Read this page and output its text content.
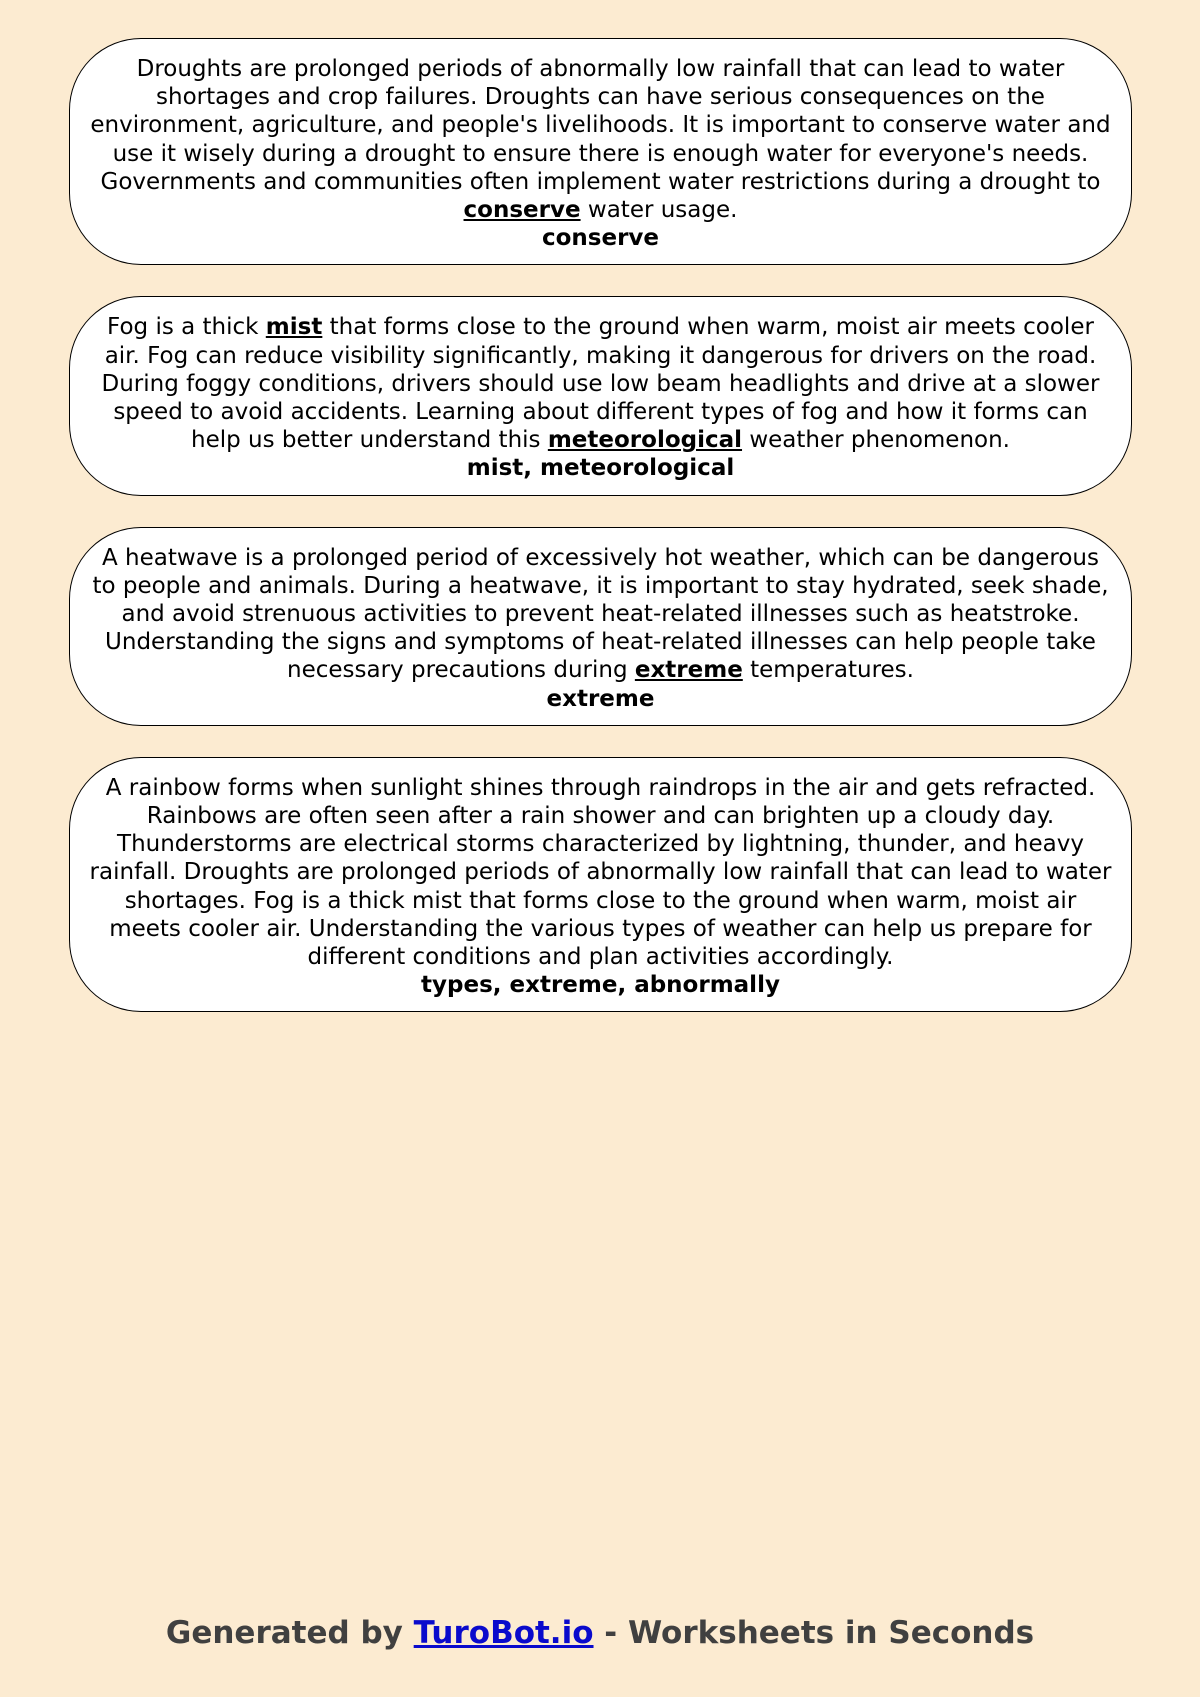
Droughts are prolonged periods of abnormally low rainfall that can lead to water shortages and crop failures. Droughts can have serious consequences on the environment, agriculture, and people's livelihoods. It is important to conserve water and use it wisely during a drought to ensure there is enough water for everyone's needs. Governments and communities often implement water restrictions during a drought to conserve water usage.
conserve
Fog is a thick mist that forms close to the ground when warm, moist air meets cooler air. Fog can reduce visibility significantly, making it dangerous for drivers on the road. During foggy conditions, drivers should use low beam headlights and drive at a slower speed to avoid accidents. Learning about different types of fog and how it forms can help us better understand this meteorological weather phenomenon.
mist, meteorological
A heatwave is a prolonged period of excessively hot weather, which can be dangerous to people and animals. During a heatwave, it is important to stay hydrated, seek shade, and avoid strenuous activities to prevent heat-related illnesses such as heatstroke. Understanding the signs and symptoms of heat-related illnesses can help people take necessary precautions during extreme temperatures.
extreme
A rainbow forms when sunlight shines through raindrops in the air and gets refracted. Rainbows are often seen after a rain shower and can brighten up a cloudy day. Thunderstorms are electrical storms characterized by lightning, thunder, and heavy rainfall. Droughts are prolonged periods of abnormally low rainfall that can lead to water shortages. Fog is a thick mist that forms close to the ground when warm, moist air meets cooler air. Understanding the various types of weather can help us prepare for different conditions and plan activities accordingly.
types, extreme, abnormally
Generated by TuroBot.io - Worksheets in Seconds
